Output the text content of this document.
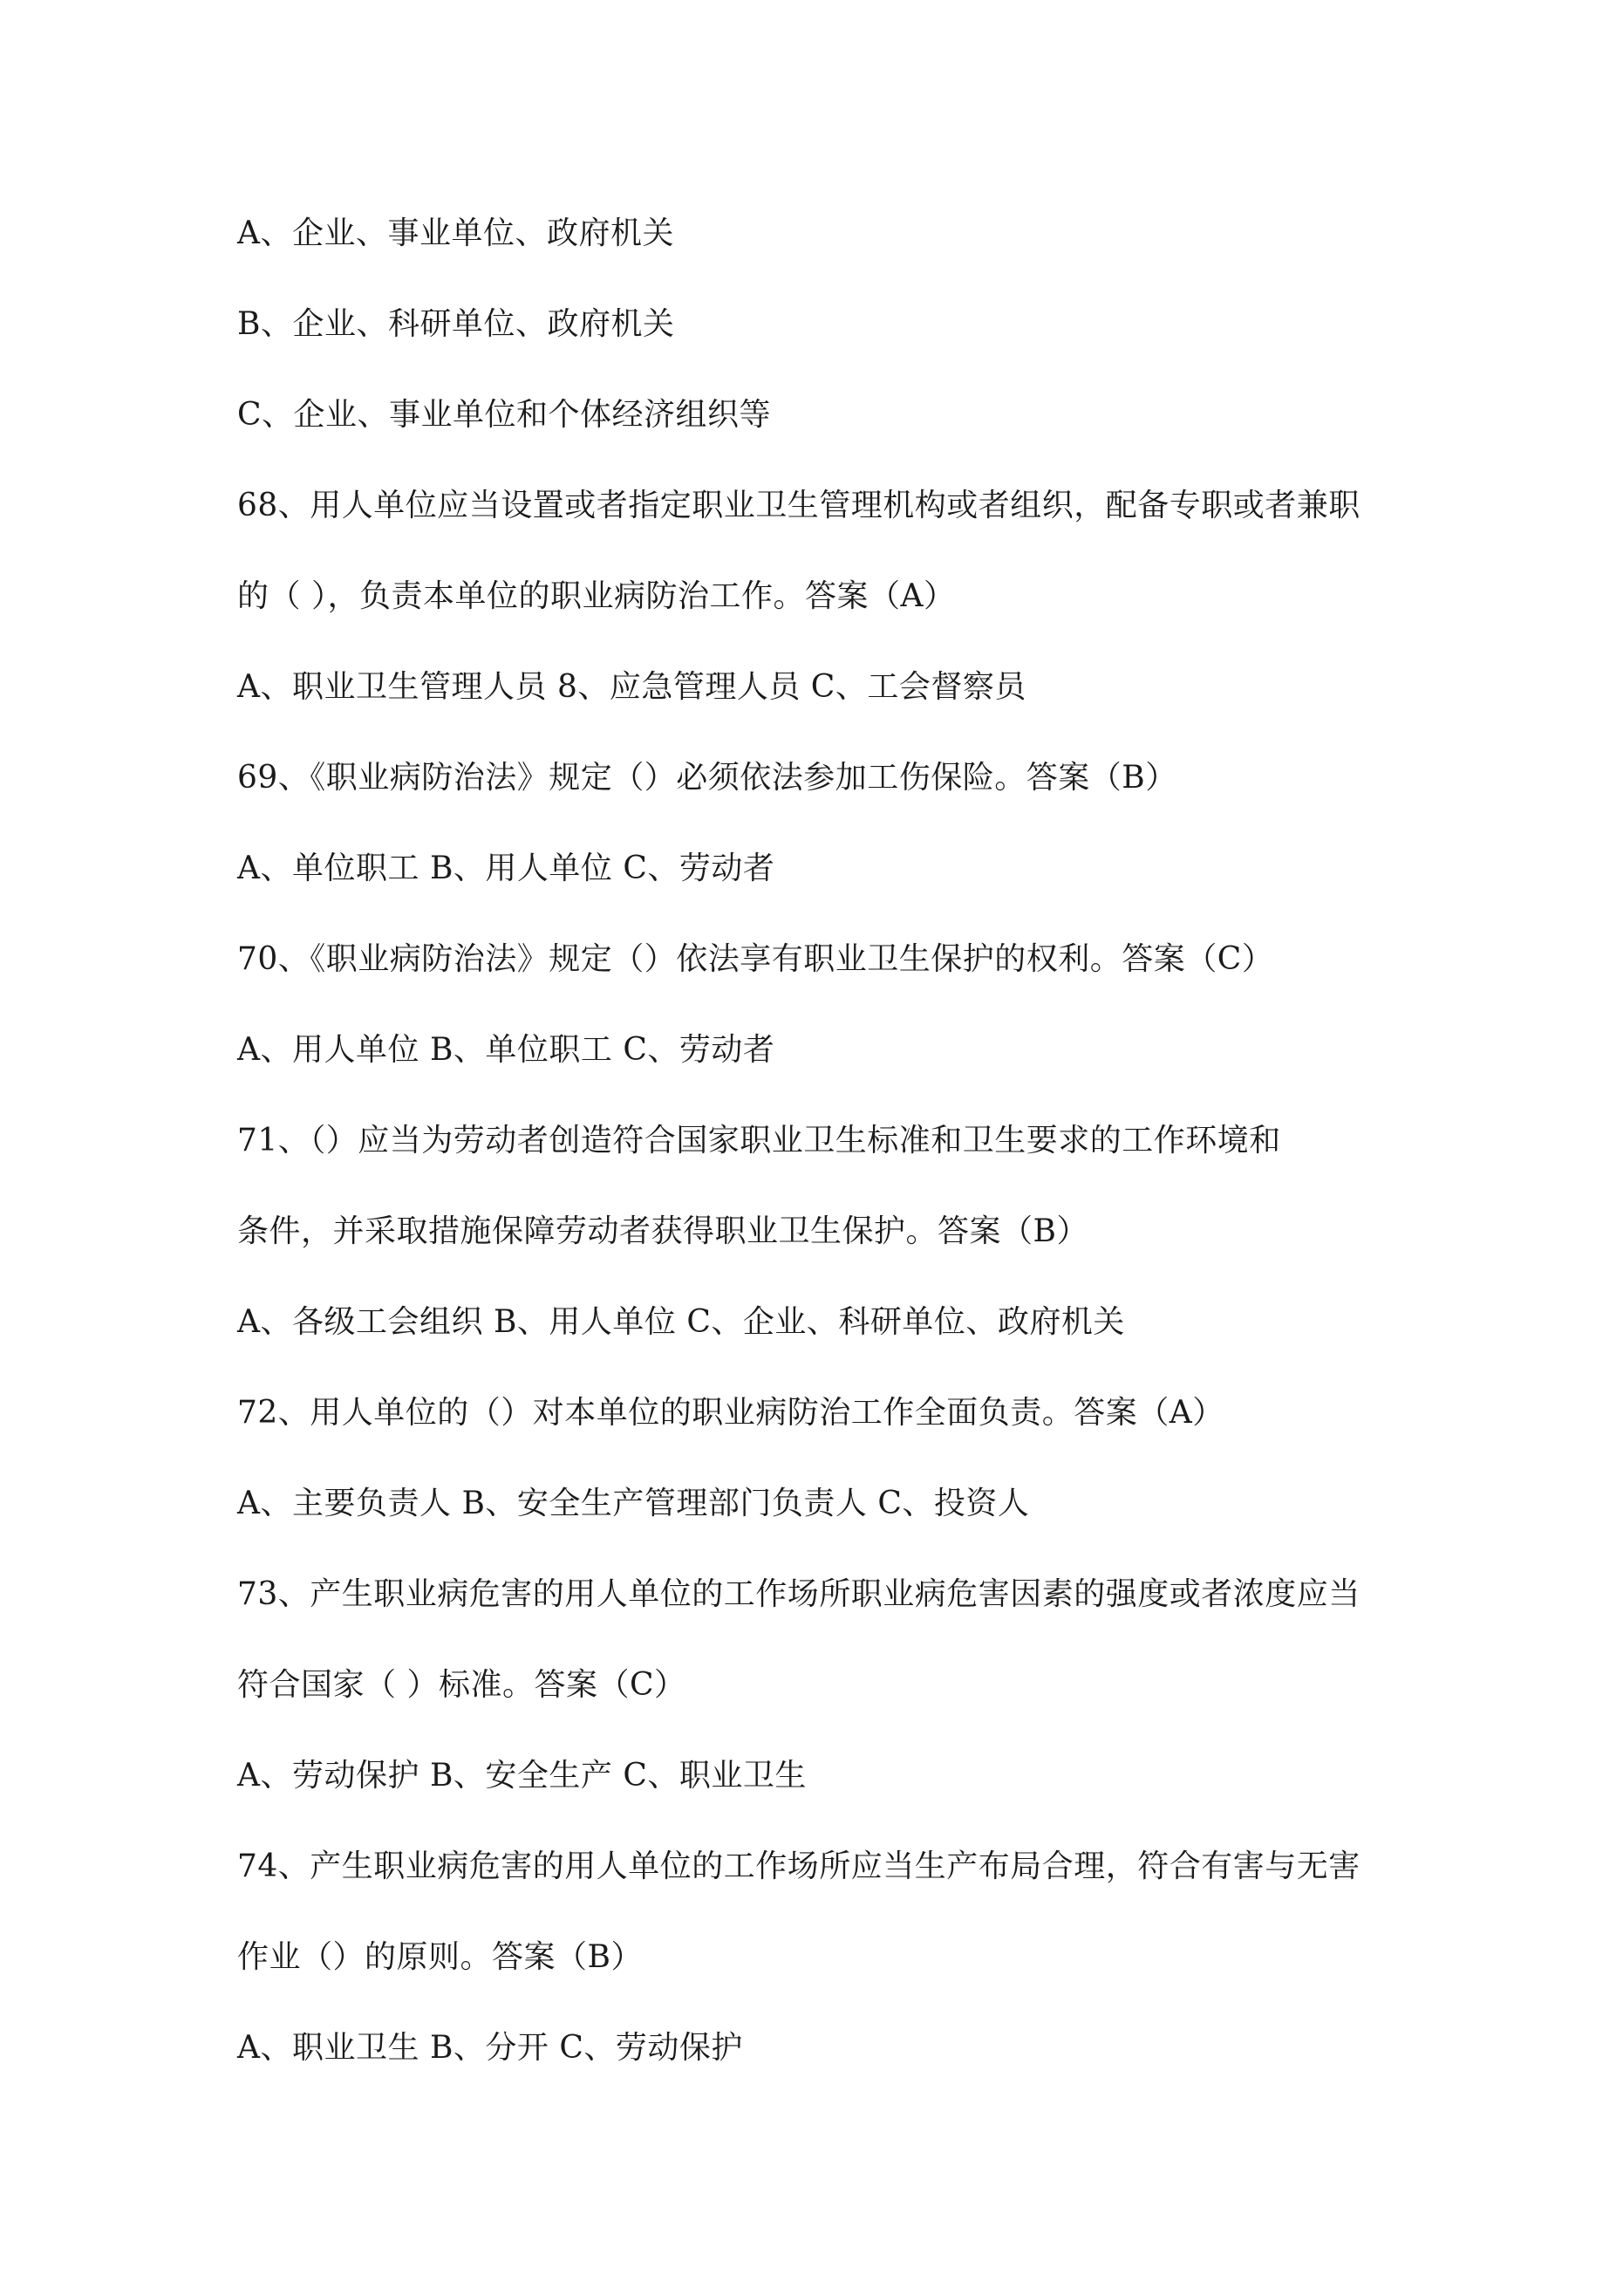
A、企业、事业单位、政府机关
B、企业、科研单位、政府机关
C、企业、事业单位和个体经济组织等
68、用人单位应当设置或者指定职业卫生管理机构或者组织，配备专职或者兼职
的（ ），负责本单位的职业病防治工作。答案（A）
A、职业卫生管理人员 8、应急管理人员 C、工会督察员
69、《职业病防治法》规定（）必须依法参加工伤保险。答案（B）
A、单位职工 B、用人单位 C、劳动者
70、《职业病防治法》规定（）依法享有职业卫生保护的权利。答案（C）
A、用人单位 B、单位职工 C、劳动者
71、（）应当为劳动者创造符合国家职业卫生标准和卫生要求的工作环境和
条件，并采取措施保障劳动者获得职业卫生保护。答案（B）
A、各级工会组织 B、用人单位 C、企业、科研单位、政府机关
72、用人单位的（）对本单位的职业病防治工作全面负责。答案（A）
A、主要负责人 B、安全生产管理部门负责人 C、投资人
73、产生职业病危害的用人单位的工作场所职业病危害因素的强度或者浓度应当
符合国家（ ）标准。答案（C）
A、劳动保护 B、安全生产 C、职业卫生
74、产生职业病危害的用人单位的工作场所应当生产布局合理，符合有害与无害
作业（）的原则。答案（B）
A、职业卫生 B、分开 C、劳动保护
